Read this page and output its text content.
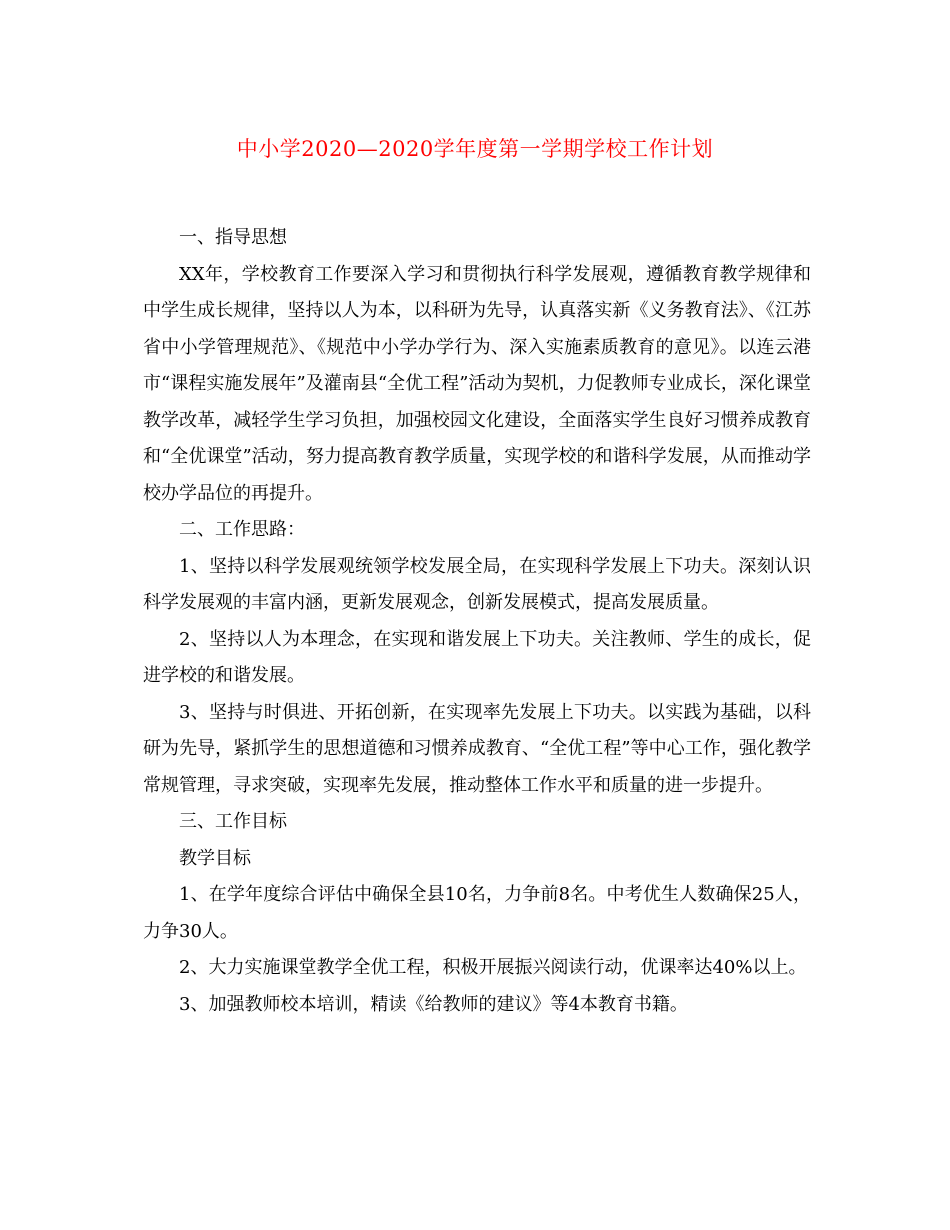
中小学2020—2020学年度第一学期学校工作计划

一、指导思想

XX年，学校教育工作要深入学习和贯彻执行科学发展观，遵循教育教学规律和中学生成长规律，坚持以人为本，以科研为先导，认真落实新《义务教育法》、《江苏省中小学管理规范》、《规范中小学办学行为、深入实施素质教育的意见》。以连云港市“课程实施发展年”及灌南县“全优工程”活动为契机，力促教师专业成长，深化课堂教学改革，减轻学生学习负担，加强校园文化建设，全面落实学生良好习惯养成教育和“全优课堂”活动，努力提高教育教学质量，实现学校的和谐科学发展，从而推动学校办学品位的再提升。

二、工作思路：

1、坚持以科学发展观统领学校发展全局，在实现科学发展上下功夫。深刻认识科学发展观的丰富内涵，更新发展观念，创新发展模式，提高发展质量。

2、坚持以人为本理念，在实现和谐发展上下功夫。关注教师、学生的成长，促进学校的和谐发展。

3、坚持与时俱进、开拓创新，在实现率先发展上下功夫。以实践为基础，以科研为先导，紧抓学生的思想道德和习惯养成教育、“全优工程”等中心工作，强化教学常规管理，寻求突破，实现率先发展，推动整体工作水平和质量的进一步提升。

三、工作目标

教学目标

1、在学年度综合评估中确保全县10名，力争前8名。中考优生人数确保25人，力争30人。

2、大力实施课堂教学全优工程，积极开展振兴阅读行动，优课率达40%以上。

3、加强教师校本培训，精读《给教师的建议》等4本教育书籍。
